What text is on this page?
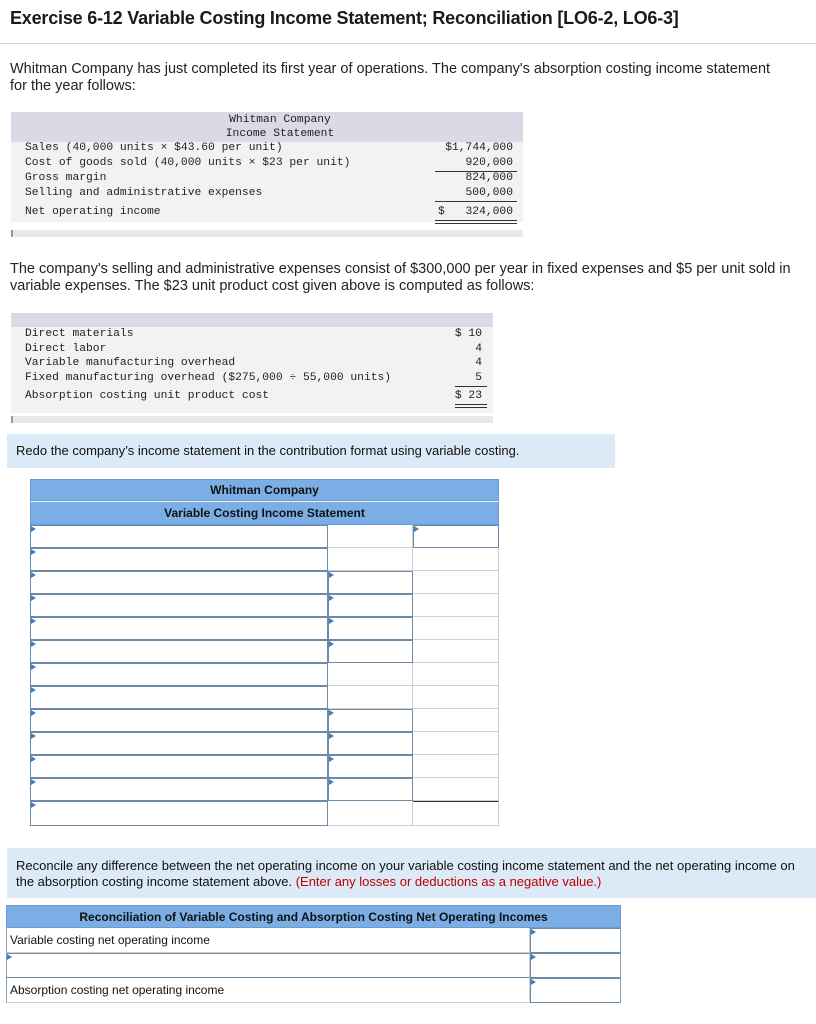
Exercise 6-12 Variable Costing Income Statement; Reconciliation [LO6-2, LO6-3]
Whitman Company has just completed its first year of operations. The company's absorption costing income statement for the year follows:
Whitman Company
Income Statement
Sales (40,000 units × $43.60 per unit)	$1,744,000
Cost of goods sold (40,000 units × $23 per unit)	920,000
Gross margin	824,000
Selling and administrative expenses	500,000
Net operating income	$ 324,000
The company's selling and administrative expenses consist of $300,000 per year in fixed expenses and $5 per unit sold in variable expenses. The $23 unit product cost given above is computed as follows:
Direct materials	$ 10
Direct labor	4
Variable manufacturing overhead	4
Fixed manufacturing overhead ($275,000 ÷ 55,000 units)	5
Absorption costing unit product cost	$ 23
Redo the company’s income statement in the contribution format using variable costing.
Whitman Company
Variable Costing Income Statement
Reconcile any difference between the net operating income on your variable costing income statement and the net operating income on the absorption costing income statement above. (Enter any losses or deductions as a negative value.)
Reconciliation of Variable Costing and Absorption Costing Net Operating Incomes
Variable costing net operating income
Absorption costing net operating income
